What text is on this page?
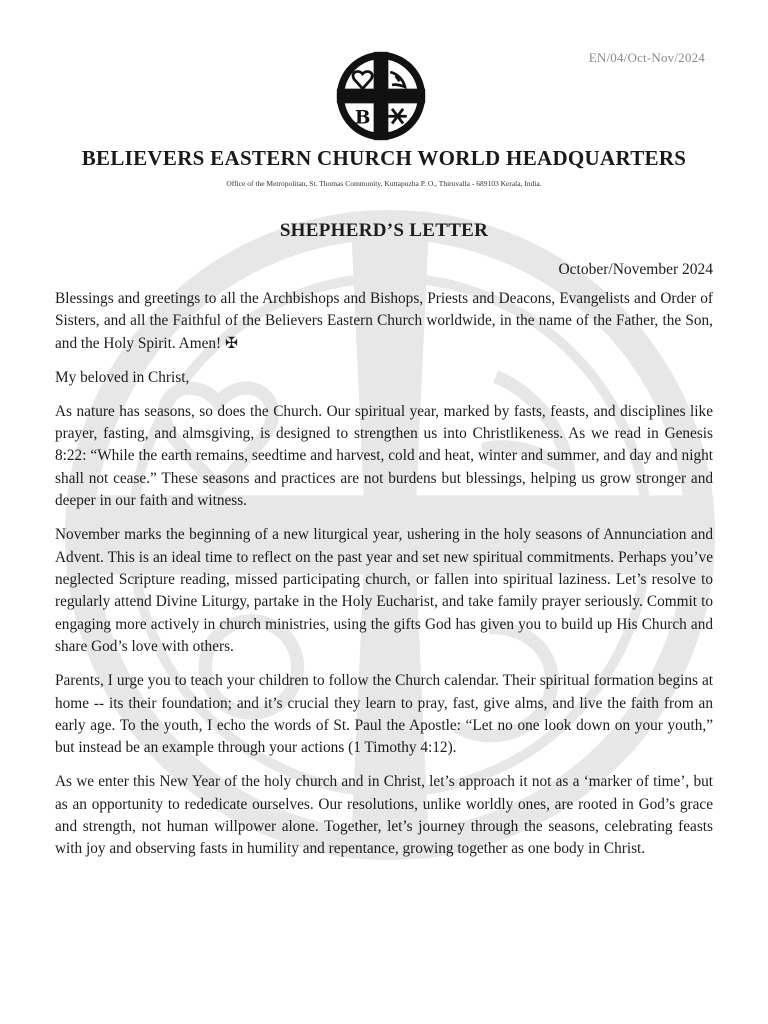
EN/04/Oct-Nov/2024
B
BELIEVERS EASTERN CHURCH WORLD HEADQUARTERS
Office of the Metropolitan, St. Thomas Community, Kuttapuzha P. O., Thiruvalla - 689103 Kerala, India.
SHEPHERD’S LETTER
October/November 2024

Blessings and greetings to all the Archbishops and Bishops, Priests and Deacons, Evangelists and Order of Sisters, and all the Faithful of the Believers Eastern Church worldwide, in the name of the Father, the Son, and the Holy Spirit. Amen! ✠

My beloved in Christ,

As nature has seasons, so does the Church. Our spiritual year, marked by fasts, feasts, and disciplines like prayer, fasting, and almsgiving, is designed to strengthen us into Christlikeness. As we read in Genesis 8:22: “While the earth remains, seedtime and harvest, cold and heat, winter and summer, and day and night shall not cease.” These seasons and practices are not burdens but blessings, helping us grow stronger and deeper in our faith and witness.

November marks the beginning of a new liturgical year, ushering in the holy seasons of Annunciation and Advent. This is an ideal time to reflect on the past year and set new spiritual commitments. Perhaps you’ve neglected Scripture reading, missed participating church, or fallen into spiritual laziness. Let’s resolve to regularly attend Divine Liturgy, partake in the Holy Eucharist, and take family prayer seriously. Commit to engaging more actively in church ministries, using the gifts God has given you to build up His Church and share God’s love with others.

Parents, I urge you to teach your children to follow the Church calendar. Their spiritual formation begins at home -- its their foundation; and it’s crucial they learn to pray, fast, give alms, and live the faith from an early age. To the youth, I echo the words of St. Paul the Apostle: “Let no one look down on your youth,” but instead be an example through your actions (1 Timothy 4:12).

As we enter this New Year of the holy church and in Christ, let’s approach it not as a ‘marker of time’, but as an opportunity to rededicate ourselves. Our resolutions, unlike worldly ones, are rooted in God’s grace and strength, not human willpower alone. Together, let’s journey through the seasons, celebrating feasts with joy and observing fasts in humility and repentance, growing together as one body in Christ.
